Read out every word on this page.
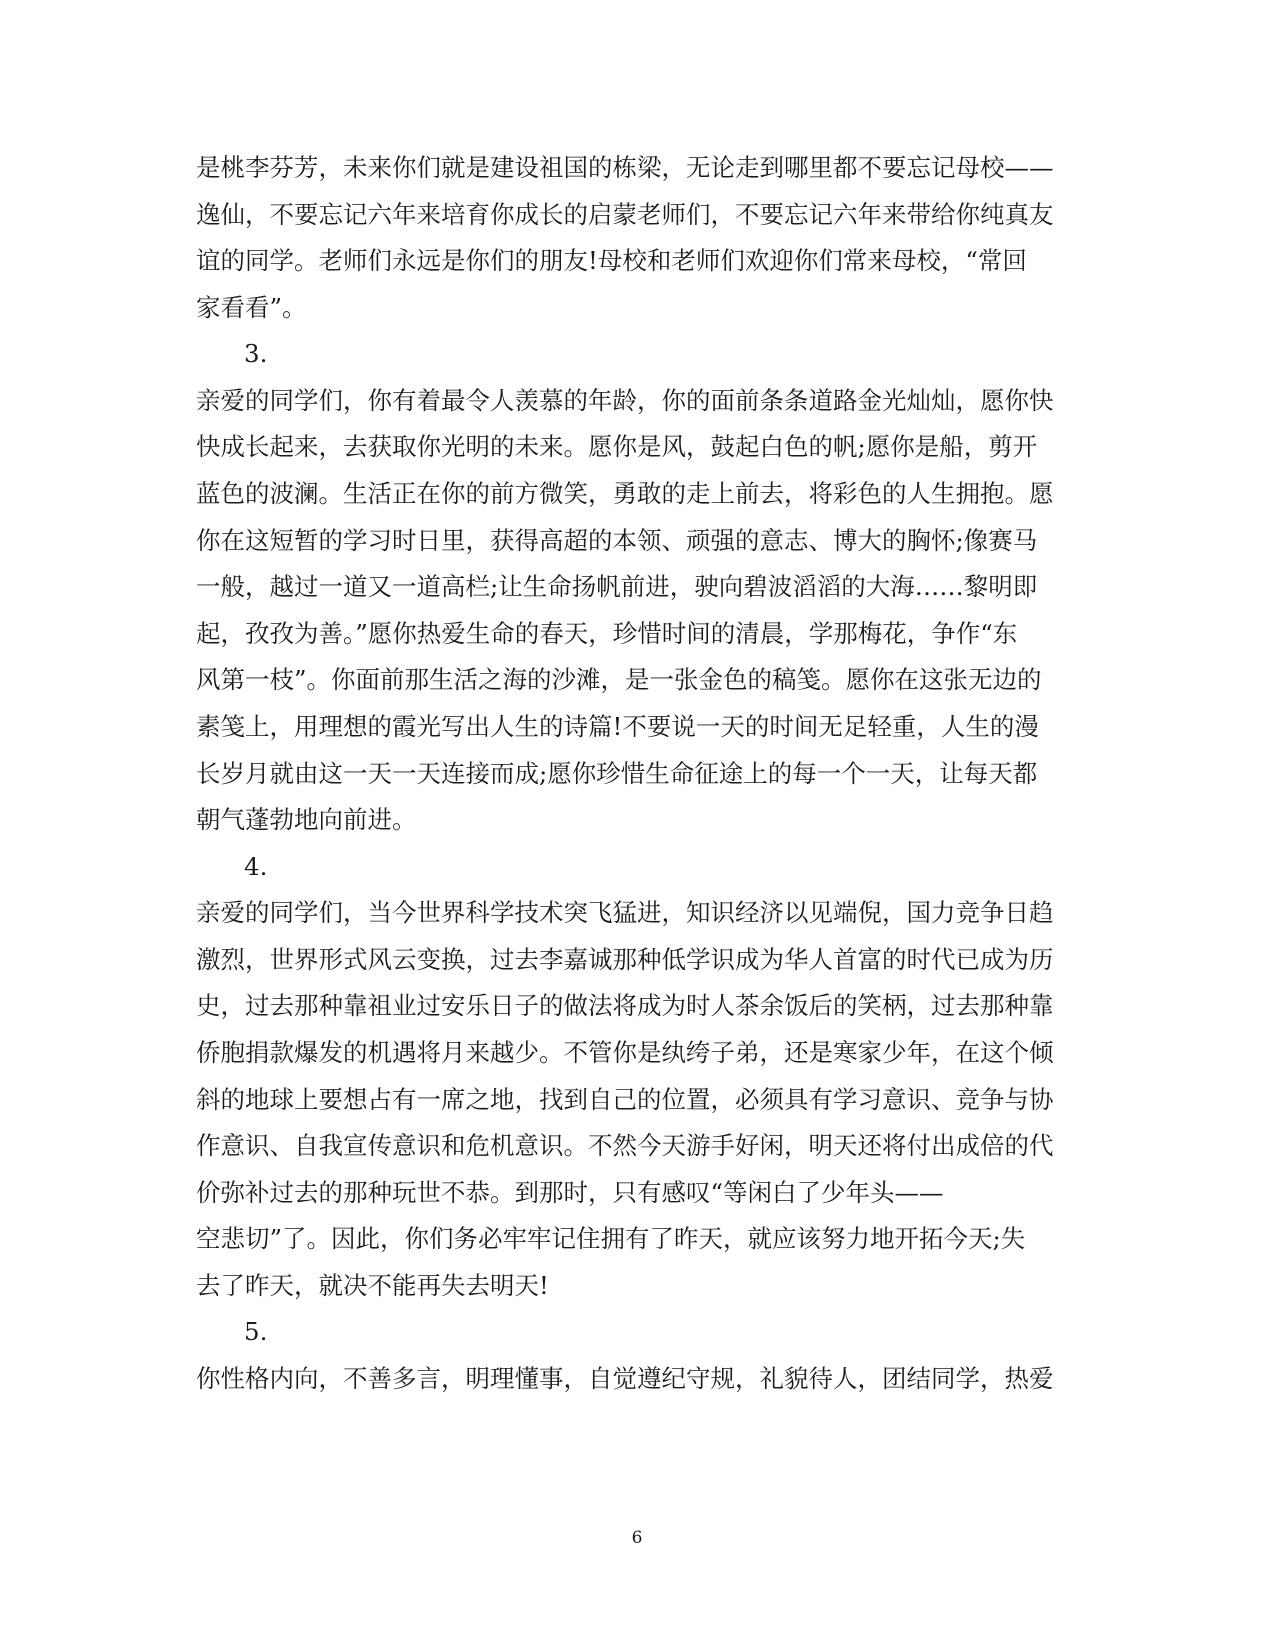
是桃李芬芳，未来你们就是建设祖国的栋梁，无论走到哪里都不要忘记母校——

逸仙，不要忘记六年来培育你成长的启蒙老师们，不要忘记六年来带给你纯真友

谊的同学。老师们永远是你们的朋友!母校和老师们欢迎你们常来母校，“常回

家看看”。

3.

亲爱的同学们，你有着最令人羡慕的年龄，你的面前条条道路金光灿灿，愿你快

快成长起来，去获取你光明的未来。愿你是风，鼓起白色的帆;愿你是船，剪开

蓝色的波澜。生活正在你的前方微笑，勇敢的走上前去，将彩色的人生拥抱。愿

你在这短暂的学习时日里，获得高超的本领、顽强的意志、博大的胸怀;像赛马

一般，越过一道又一道高栏;让生命扬帆前进，驶向碧波滔滔的大海……黎明即

起，孜孜为善。”愿你热爱生命的春天，珍惜时间的清晨，学那梅花，争作“东

风第一枝”。你面前那生活之海的沙滩，是一张金色的稿笺。愿你在这张无边的

素笺上，用理想的霞光写出人生的诗篇!不要说一天的时间无足轻重，人生的漫

长岁月就由这一天一天连接而成;愿你珍惜生命征途上的每一个一天，让每天都

朝气蓬勃地向前进。

4.

亲爱的同学们，当今世界科学技术突飞猛进，知识经济以见端倪，国力竞争日趋

激烈，世界形式风云变换，过去李嘉诚那种低学识成为华人首富的时代已成为历

史，过去那种靠祖业过安乐日子的做法将成为时人茶余饭后的笑柄，过去那种靠

侨胞捐款爆发的机遇将月来越少。不管你是纨绔子弟，还是寒家少年，在这个倾

斜的地球上要想占有一席之地，找到自己的位置，必须具有学习意识、竞争与协

作意识、自我宣传意识和危机意识。不然今天游手好闲，明天还将付出成倍的代

价弥补过去的那种玩世不恭。到那时，只有感叹“等闲白了少年头——

空悲切”了。因此，你们务必牢牢记住拥有了昨天，就应该努力地开拓今天;失

去了昨天，就决不能再失去明天!

5.

你性格内向，不善多言，明理懂事，自觉遵纪守规，礼貌待人，团结同学，热爱

6
